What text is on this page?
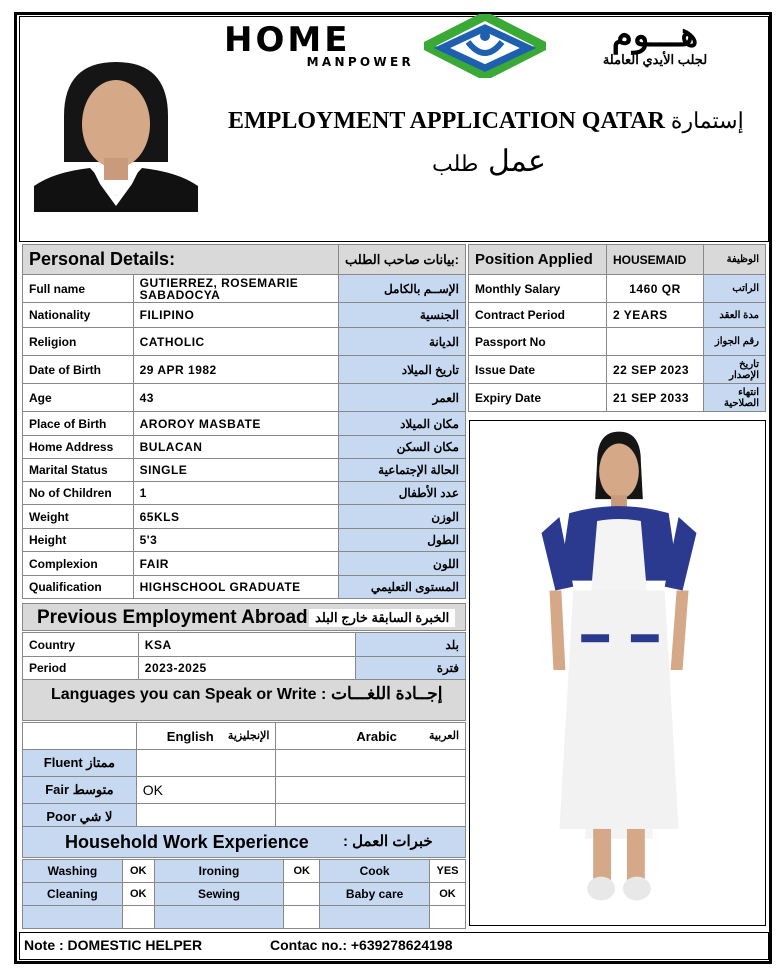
HOME
MANPOWER
هـــوم
لجلب الأيدي العاملة
EMPLOYMENT APPLICATION QATAR إستمارة
عمل طلب
Personal Details:		بيانات صاحب الطلب:
Full name	GUTIERREZ, ROSEMARIE SABADOCYA	الإســم بالكامل
Nationality	FILIPINO	الجنسية
Religion	CATHOLIC	الديانة
Date of Birth	29 APR 1982	تاريخ الميلاد
Age	43	العمر
Place of Birth	AROROY MASBATE	مكان الميلاد
Home Address	BULACAN	مكان السكن
Marital Status	SINGLE	الحالة الإجتماعية
No of Children	1	عدد الأطفال
Weight	65KLS	الوزن
Height	5'3	الطول
Complexion	FAIR	اللون
Qualification	HIGHSCHOOL GRADUATE	المستوى التعليمي
Position Applied	HOUSEMAID	الوظيفة
Monthly Salary	1460 QR	الراتب
Contract Period	2 YEARS	مدة العقد
Passport No		رقم الجواز
Issue Date	22 SEP 2023	تاريخ الإصدار
Expiry Date	21 SEP 2033	انتهاء الصلاحية
Previous Employment Abroad الخبرة السابقة خارج البلد
Country	KSA	بلد
Period	2023-2025	فترة
Languages you can Speak or Write : إجــادة اللغـــات
	English الإنجليزية	Arabic العربية

Fluent ممتاز		
Fair متوسط	OK	
Poor لا شي		
Household Work Experience : خبرات العمل
Washing	OK	Ironing	OK	Cook	YES
Cleaning	OK	Sewing		Baby care	OK

Note : DOMESTIC HELPER	Contac no.: +639278624198
